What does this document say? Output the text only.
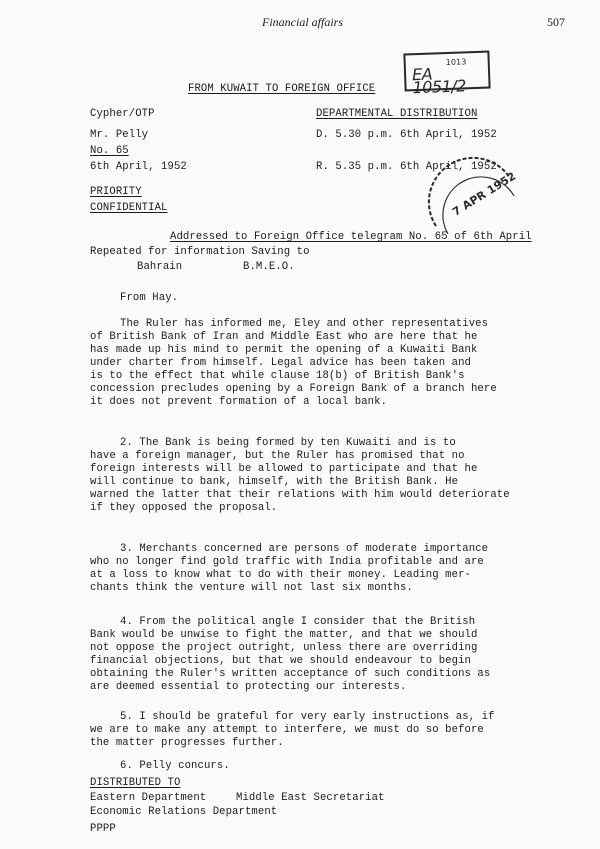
Financial affairs	507
1013
EA 1051/2
FROM KUWAIT TO FOREIGN OFFICE
Cypher/OTP	DEPARTMENTAL DISTRIBUTION
Mr. Pelly	D. 5.30 p.m. 6th April, 1952
No. 65
6th April, 1952	R. 5.35 p.m. 6th April, 1952
PRIORITY
CONFIDENTIAL	7 APR 1952
Addressed to Foreign Office telegram No. 65 of 6th April
Repeated for information Saving to
Bahrain	B.M.E.O.
From Hay.
The Ruler has informed me, Eley and other representatives
of British Bank of Iran and Middle East who are here that he
has made up his mind to permit the opening of a Kuwaiti Bank
under charter from himself. Legal advice has been taken and
is to the effect that while clause 18(b) of British Bank's
concession precludes opening by a Foreign Bank of a branch here
it does not prevent formation of a local bank.
2. The Bank is being formed by ten Kuwaiti and is to
have a foreign manager, but the Ruler has promised that no
foreign interests will be allowed to participate and that he
will continue to bank, himself, with the British Bank. He
warned the latter that their relations with him would deteriorate
if they opposed the proposal.
3. Merchants concerned are persons of moderate importance
who no longer find gold traffic with India profitable and are
at a loss to know what to do with their money. Leading mer-
chants think the venture will not last six months.
4. From the political angle I consider that the British
Bank would be unwise to fight the matter, and that we should
not oppose the project outright, unless there are overriding
financial objections, but that we should endeavour to begin
obtaining the Ruler's written acceptance of such conditions as
are deemed essential to protecting our interests.
5. I should be grateful for very early instructions as, if
we are to make any attempt to interfere, we must do so before
the matter progresses further.
6. Pelly concurs.
DISTRIBUTED TO
Eastern Department	Middle East Secretariat
Economic Relations Department
PPPP
